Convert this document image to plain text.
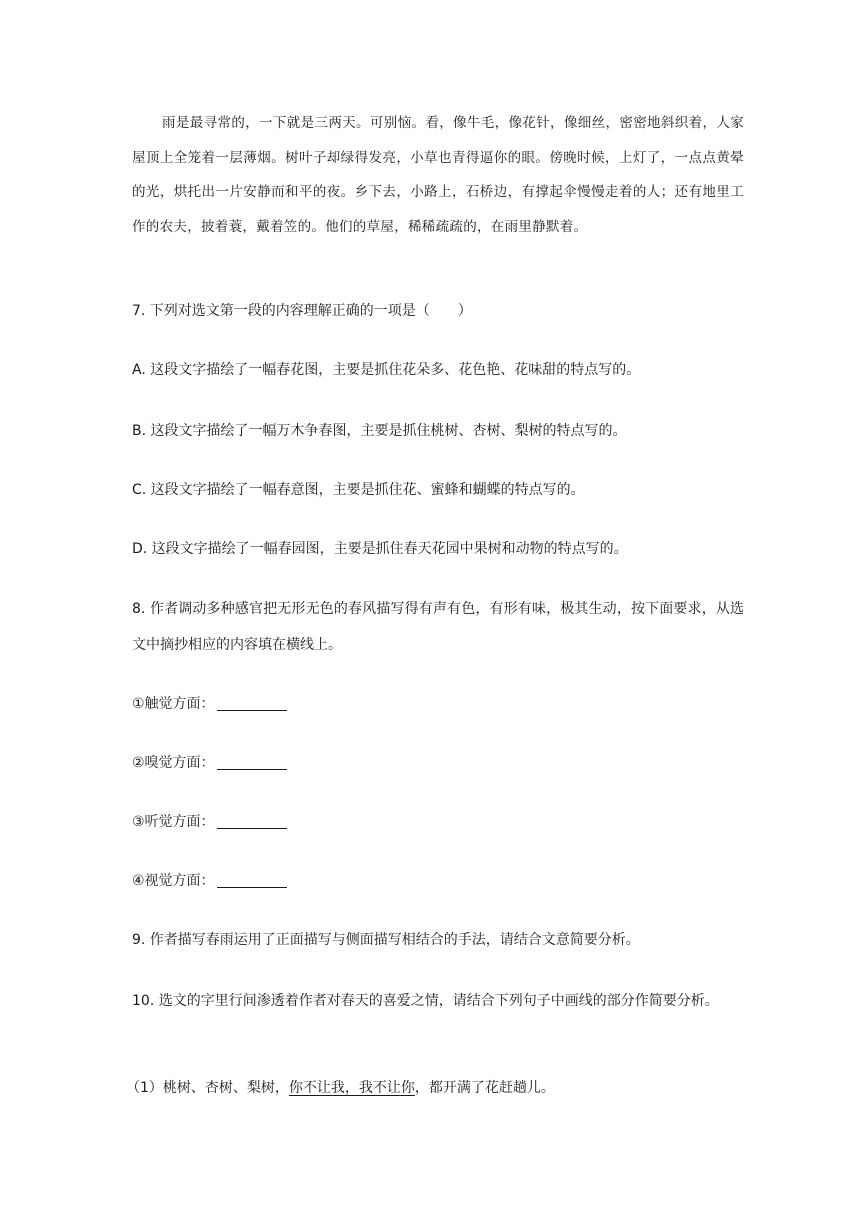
雨是最寻常的，一下就是三两天。可别恼。看，像牛毛，像花针，像细丝，密密地斜织着，人家屋顶上全笼着一层薄烟。树叶子却绿得发亮，小草也青得逼你的眼。傍晚时候，上灯了，一点点黄晕的光，烘托出一片安静而和平的夜。乡下去，小路上，石桥边，有撑起伞慢慢走着的人；还有地里工作的农夫，披着蓑，戴着笠的。他们的草屋，稀稀疏疏的，在雨里静默着。
7. 下列对选文第一段的内容理解正确的一项是（ ）
A. 这段文字描绘了一幅春花图，主要是抓住花朵多、花色艳、花味甜的特点写的。
B. 这段文字描绘了一幅万木争春图，主要是抓住桃树、杏树、梨树的特点写的。
C. 这段文字描绘了一幅春意图，主要是抓住花、蜜蜂和蝴蝶的特点写的。
D. 这段文字描绘了一幅春园图，主要是抓住春天花园中果树和动物的特点写的。
8. 作者调动多种感官把无形无色的春风描写得有声有色，有形有味，极其生动，按下面要求，从选文中摘抄相应的内容填在横线上。
①触觉方面：
②嗅觉方面：
③听觉方面：
④视觉方面：
9. 作者描写春雨运用了正面描写与侧面描写相结合的手法，请结合文意简要分析。
10. 选文的字里行间渗透着作者对春天的喜爱之情，请结合下列句子中画线的部分作简要分析。
（1）桃树、杏树、梨树，你不让我，我不让你，都开满了花赶趟儿。
